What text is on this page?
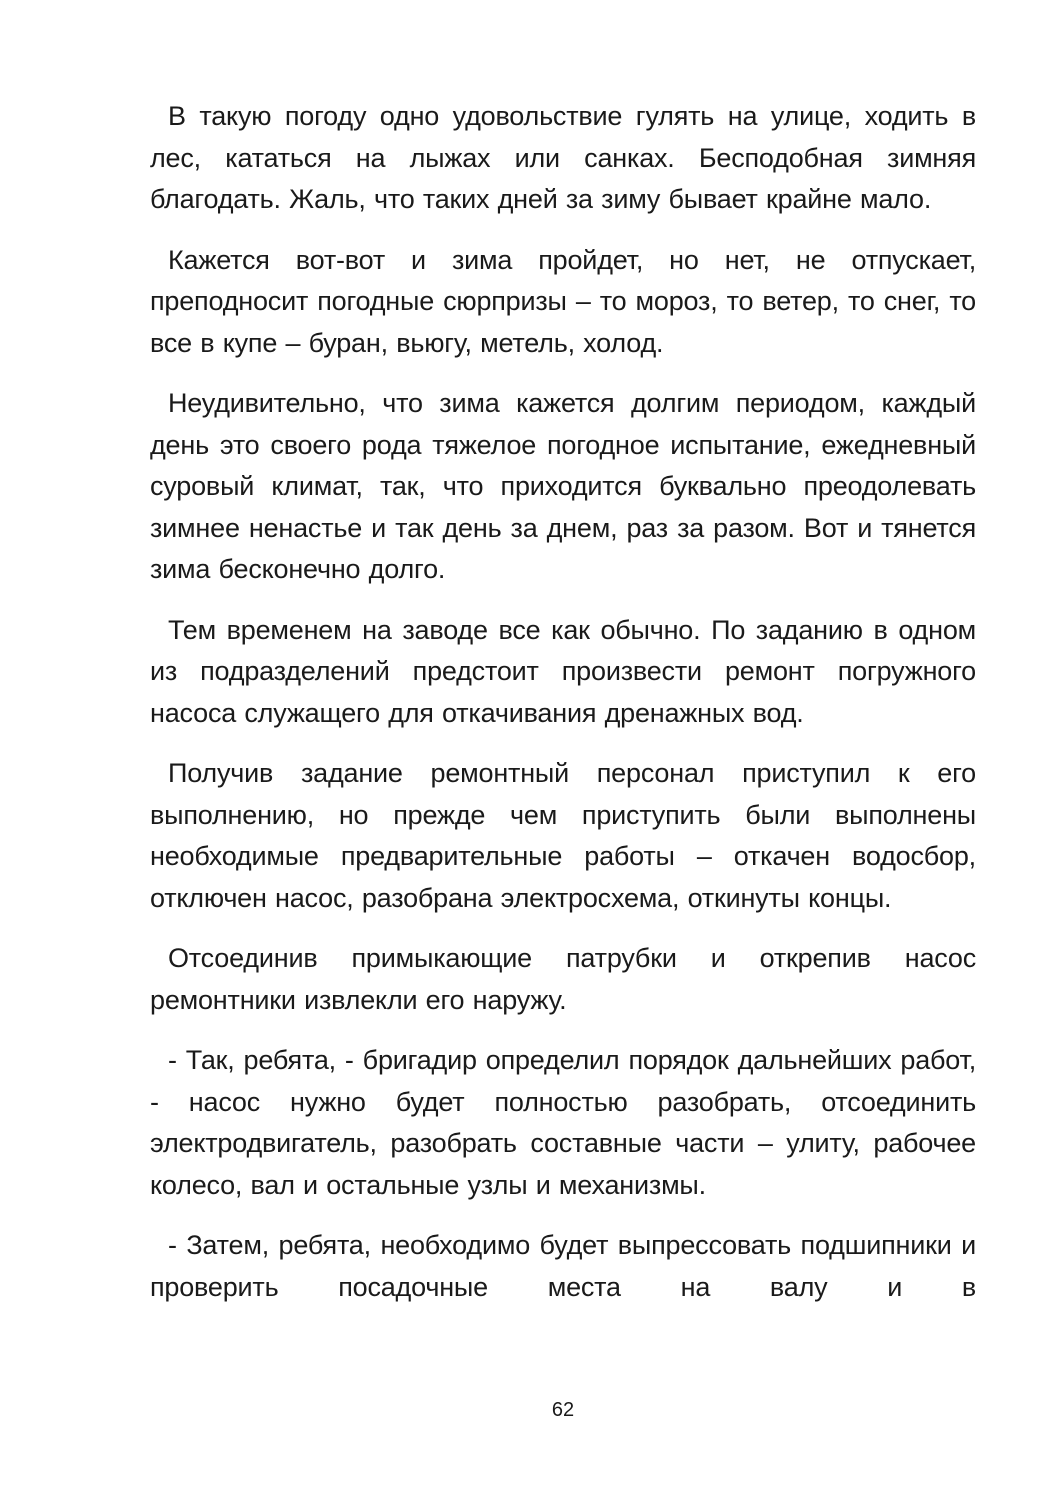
В такую погоду одно удовольствие гулять на улице, ходить в лес, кататься на лыжах или санках. Бесподобная зимняя благодать. Жаль, что таких дней за зиму бывает крайне мало.

Кажется вот-вот и зима пройдет, но нет, не отпускает, преподносит погодные сюрпризы – то мороз, то ветер, то снег, то все в купе – буран, вьюгу, метель, холод.

Неудивительно, что зима кажется долгим периодом, каждый день это своего рода тяжелое погодное испытание, ежедневный суровый климат, так, что приходится буквально преодолевать зимнее ненастье и так день за днем, раз за разом. Вот и тянется зима бесконечно долго.

Тем временем на заводе все как обычно. По заданию в одном из подразделений предстоит произвести ремонт погружного насоса служащего для откачивания дренажных вод.

Получив задание ремонтный персонал приступил к его выполнению, но прежде чем приступить были выполнены необходимые предварительные работы – откачен водосбор, отключен насос, разобрана электросхема, откинуты концы.

Отсоединив примыкающие патрубки и открепив насос ремонтники извлекли его наружу.

- Так, ребята, - бригадир определил порядок дальнейших работ, - насос нужно будет полностью разобрать, отсоединить электродвигатель, разобрать составные части – улиту, рабочее колесо, вал и остальные узлы и механизмы.

- Затем, ребята, необходимо будет выпрессовать подшипники и проверить посадочные места на валу и в

62
